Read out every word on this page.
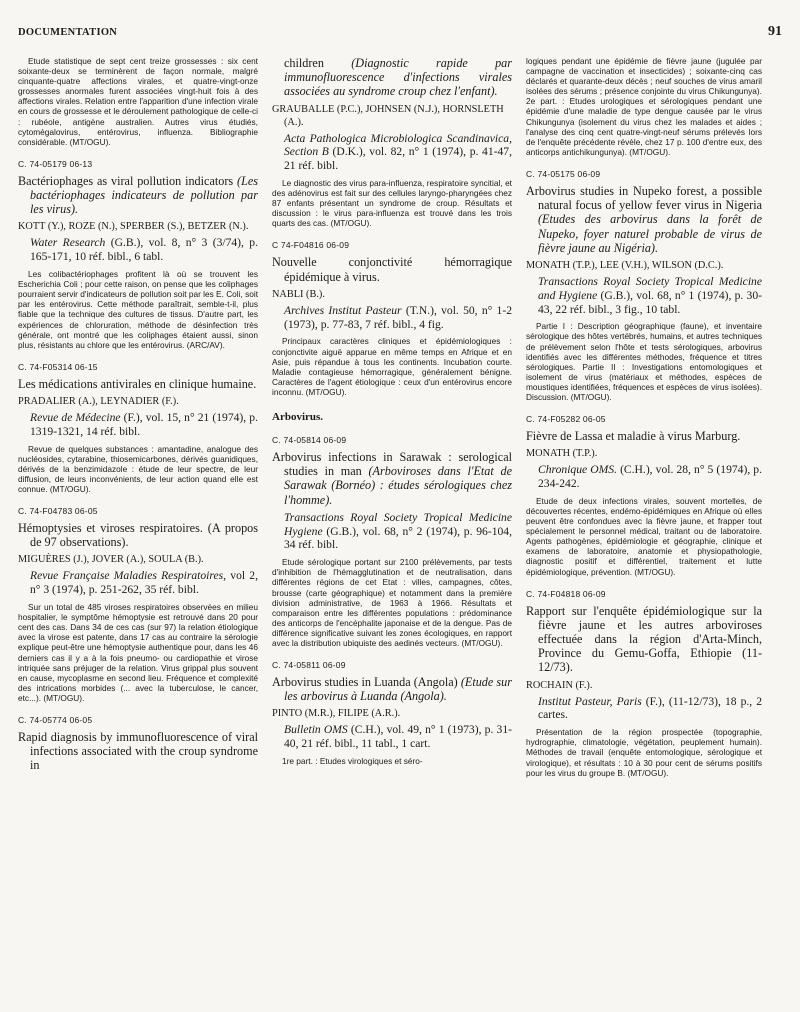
DOCUMENTATION	91

Etude statistique de sept cent treize grossesses : six cent soixante-deux se terminèrent de façon normale, malgré cinquante-quatre affections virales, et quatre-vingt-onze grossesses anormales furent associées vingt-huit fois à des affections virales. Relation entre l'apparition d'une infection virale en cours de grossesse et le déroulement pathologique de celle-ci : rubéole, antigène australien. Autres virus étudiés, cytomégalovirus, entérovirus, influenza. Bibliographie considérable. (MT/OGU).

C. 74-05179 06-13

Bactériophages as viral pollution indicators (Les bactériophages indicateurs de pollution par les virus).

KOTT (Y.), ROZE (N.), SPERBER (S.), BETZER (N.).

Water Research (G.B.), vol. 8, n° 3 (3/74), p. 165-171, 10 réf. bibl., 6 tabl.

Les colibactériophages profitent là où se trouvent les Escherichia Coli ; pour cette raison, on pense que les coliphages pourraient servir d'indicateurs de pollution soit par les E. Coli, soit par les entérovirus. Cette méthode paraîtrait, semble-t-il, plus fiable que la technique des cultures de tissus. D'autre part, les expériences de chloruration, méthode de désinfection très générale, ont montré que les coliphages étaient aussi, sinon plus, résistants au chlore que les entérovirus. (ARC/AV).

C. 74-F05314 06-15

Les médications antivirales en clinique humaine.

PRADALIER (A.), LEYNADIER (F.).

Revue de Médecine (F.), vol. 15, n° 21 (1974), p. 1319-1321, 14 réf. bibl.

Revue de quelques substances : amantadine, analogue des nucléosides, cytarabine, thiosemicarbones, dérivés guanidiques, dérivés de la benzimidazole : étude de leur spectre, de leur diffusion, de leurs inconvénients, de leur action quand elle est connue. (MT/OGU).

C. 74-F04783 06-05

Hémoptysies et viroses respiratoires. (A propos de 97 observations).

MIGUÈRES (J.), JOVER (A.), SOULA (B.).

Revue Française Maladies Respiratoires, vol 2, n° 3 (1974), p. 251-262, 35 réf. bibl.

Sur un total de 485 viroses respiratoires observées en milieu hospitalier, le symptôme hémoptysie est retrouvé dans 20 pour cent des cas. Dans 34 de ces cas (sur 97) la relation étiologique avec la virose est patente, dans 17 cas au contraire la sérologie explique peut-être une hémoptysie authentique pour, dans les 46 derniers cas il y a à la fois pneumo- ou cardiopathie et virose intriquée sans préjuger de la relation. Virus grippal plus souvent en cause, mycoplasme en second lieu. Fréquence et complexité des intrications morbides (... avec la tuberculose, le cancer, etc...). (MT/OGU).

C. 74-05774 06-05

Rapid diagnosis by immunofluorescence of viral infections associated with the croup syndrome in

children (Diagnostic rapide par immunofluorescence d'infections virales associées au syndrome croup chez l'enfant).

GRAUBALLE (P.C.), JOHNSEN (N.J.), HORNSLETH (A.).

Acta Pathologica Microbiologica Scandinavica, Section B (D.K.), vol. 82, n° 1 (1974), p. 41-47, 21 réf. bibl.

Le diagnostic des virus para-influenza, respiratoire syncitial, et des adénovirus est fait sur des cellules laryngo-pharyngées chez 87 enfants présentant un syndrome de croup. Résultats et discussion : le virus para-influenza est trouvé dans les trois quarts des cas. (MT/OGU).

C 74-F04816 06-09

Nouvelle conjonctivité hémorragique épidémique à virus.

NABLI (B.).

Archives Institut Pasteur (T.N.), vol. 50, n° 1-2 (1973), p. 77-83, 7 réf. bibl., 4 fig.

Principaux caractères cliniques et épidémiologiques : conjonctivite aiguë apparue en même temps en Afrique et en Asie, puis répandue à tous les continents. Incubation courte. Maladie contagieuse hémorragique, généralement bénigne. Caractères de l'agent étiologique : ceux d'un entérovirus encore inconnu. (MT/OGU).

Arbovirus.

C. 74-05814 06-09

Arbovirus infections in Sarawak : serological studies in man (Arboviroses dans l'Etat de Sarawak (Bornéo) : études sérologiques chez l'homme).

Transactions Royal Society Tropical Medicine Hygiene (G.B.), vol. 68, n° 2 (1974), p. 96-104, 34 réf. bibl.

Etude sérologique portant sur 2100 prélèvements, par tests d'inhibition de l'hémagglutination et de neutralisation, dans différentes régions de cet Etat : villes, campagnes, côtes, brousse (carte géographique) et notamment dans la première division administrative, de 1963 à 1966. Résultats et comparaison entre les différentes populations : prédominance des anticorps de l'encéphalite japonaise et de la dengue. Pas de différence significative suivant les zones écologiques, en rapport avec la distribution ubiquiste des aedinés vecteurs. (MT/OGU).

C. 74-05811 06-09

Arbovirus studies in Luanda (Angola) (Etude sur les arbovirus à Luanda (Angola).

PINTO (M.R.), FILIPE (A.R.).

Bulletin OMS (C.H.), vol. 49, n° 1 (1973), p. 31-40, 21 réf. bibl., 11 tabl., 1 cart.

1re part. : Etudes virologiques et séro-

logiques pendant une épidémie de fièvre jaune (jugulée par campagne de vaccination et insecticides) ; soixante-cinq cas déclarés et quarante-deux décès ; neuf souches de virus amaril isolées des sérums ; présence conjointe du virus Chikungunya). 2e part. : Etudes urologiques et sérologiques pendant une épidémie d'une maladie de type dengue causée par le virus Chikungunya (isolement du virus chez les malades et aides ; l'analyse des cinq cent quatre-vingt-neuf sérums prélevés lors de l'enquête précédente révèle, chez 17 p. 100 d'entre eux, des anticorps antichikungunya). (MT/OGU).

C. 74-05175 06-09

Arbovirus studies in Nupeko forest, a possible natural focus of yellow fever virus in Nigeria (Etudes des arbovirus dans la forêt de Nupeko, foyer naturel probable de virus de fièvre jaune au Nigéria).

MONATH (T.P.), LEE (V.H.), WILSON (D.C.).

Transactions Royal Society Tropical Medicine and Hygiene (G.B.), vol. 68, n° 1 (1974), p. 30-43, 22 réf. bibl., 3 fig., 10 tabl.

Partie I : Description géographique (faune), et inventaire sérologique des hôtes vertébrés, humains, et autres techniques de prélèvement selon l'hôte et tests sérologiques, arbovirus identifiés avec les différentes méthodes, fréquence et titres sérologiques. Partie II : Investigations entomologiques et isolement de virus (matériaux et méthodes, espèces de moustiques identifiées, fréquences et espèces de virus isolées). Discussion. (MT/OGU).

C. 74-F05282 06-05

Fièvre de Lassa et maladie à virus Marburg.

MONATH (T.P.).

Chronique OMS. (C.H.), vol. 28, n° 5 (1974), p. 234-242.

Etude de deux infections virales, souvent mortelles, de découvertes récentes, endémo-épidémiques en Afrique où elles peuvent être confondues avec la fièvre jaune, et frapper tout spécialement le personnel médical, traitant ou de laboratoire. Agents pathogènes, épidémiologie et géographie, clinique et examens de laboratoire, anatomie et physiopathologie, diagnostic positif et différentiel, traitement et lutte épidémiologique, prévention. (MT/OGU).

C. 74-F04818 06-09

Rapport sur l'enquête épidémiologique sur la fièvre jaune et les autres arboviroses effectuée dans la région d'Arta-Minch, Province du Gemu-Goffa, Ethiopie (11-12/73).

ROCHAIN (F.).

Institut Pasteur, Paris (F.), (11-12/73), 18 p., 2 cartes.

Présentation de la région prospectée (topographie, hydrographie, climatologie, végétation, peuplement humain). Méthodes de travail (enquête entomologique, sérologique et virologique), et résultats : 10 à 30 pour cent de sérums positifs pour les virus du groupe B. (MT/OGU).
